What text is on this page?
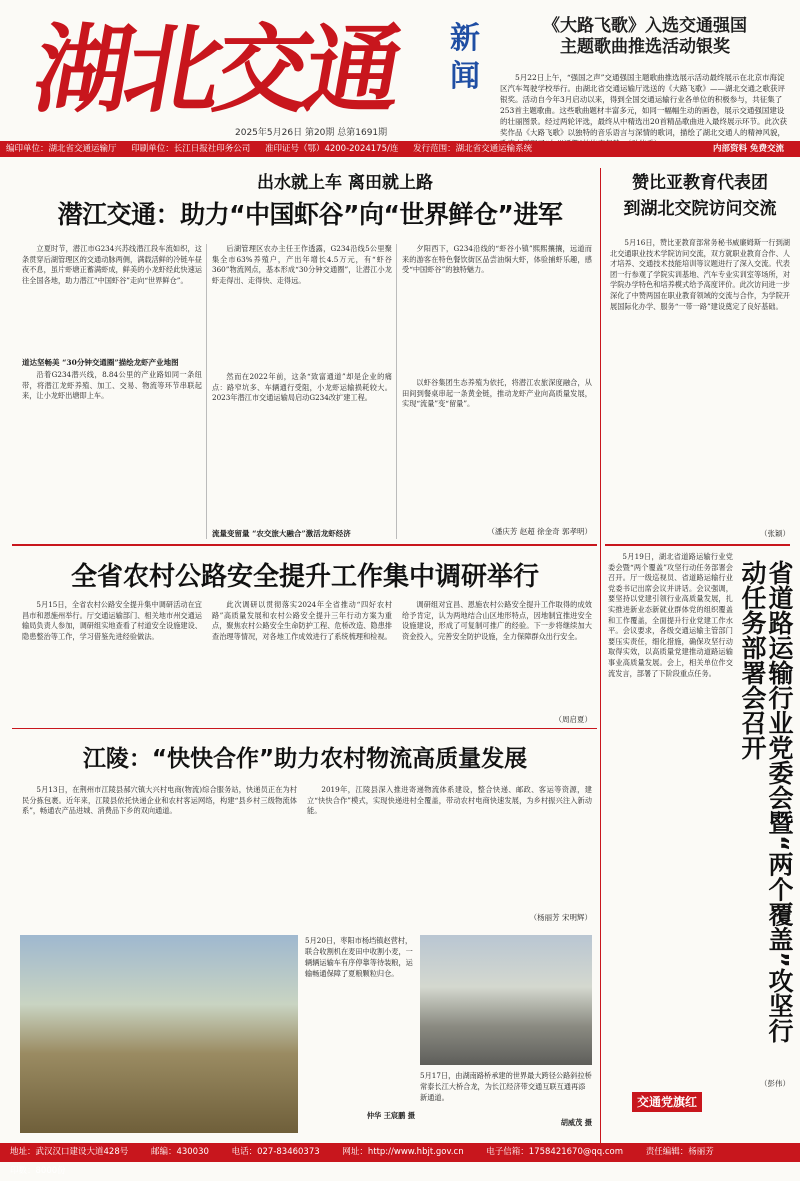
湖北交通	新闻
2025年5月26日 第20期 总第1691期
《大路飞歌》入选交通强国
主题歌曲推选活动银奖
5月22日上午，“强国之声”交通强国主题歌曲推选展示活动最终展示在北京市海淀区汽车驾驶学校举行。由湖北省交通运输厅选送的《大路飞歌》——湖北交通之歌获评银奖。活动自今年3月启动以来，得到全国交通运输行业各单位的积极参与，共征集了253首主题歌曲。这些歌曲题材丰富多元，如同一幅幅生动的画卷，展示交通强国建设的壮丽图景。经过两轮评选，最终从中精选出20首精品歌曲进入最终展示环节。此次获奖作品《大路飞歌》以独特的音乐语言与深情的歌词，描绘了湖北交通人的精神风貌，
编印单位：湖北省交通运输厅 印刷单位：长江日报社印务公司 准印证号（鄂）4200-2024175/连 发行范围：湖北省交通运输系统	内部资料 免费交流
出水就上车 离田就上路
潜江交通：助力“中国虾谷”向“世界鲜仓”进军
立夏时节，潜江市G234兴苏线潜江段车流如织，这条贯穿后湖管理区的交通动脉两侧，满载活鲜的冷链车昼夜不息，虽片虾塘正蓄满虾成，鲜美的小龙虾经此快速运往全国各地，助力潜江“中国虾谷”走向“世界鲜仓”。
道达坚畅美 “30分钟交通圈”描绘龙虾产业地图
沿着G234潜兴线，8.84公里的产业路如同一条纽带，将潜江龙虾养殖、加工、交易、物流等环节串联起来，让小龙虾出塘即上车。
后湖管理区农办主任王作透露，G234沿线5公里聚集全市63%养殖户，产出年增长4.5万元，有“虾谷360”物流网点，基本形成“30分钟交通圈”，让潜江小龙虾走得出、走得快、走得远。
然而在2022年前，这条“致富通道”却是企业的痛点：路窄坑多、车辆通行受阻，小龙虾运输损耗较大。2023年潜江市交通运输局启动G234改扩建工程。
流量变留量 “农交旅大融合”激活龙虾经济
夕阳西下，G234沿线的“虾谷小镇”熙熙攘攘，远道而来的游客在特色餐饮街区品尝油焖大虾，体验捕虾乐趣，感受“中国虾谷”的独特魅力。
以虾谷集团生态养殖为依托，将潜江农旅深度融合，从田间到餐桌串起一条黄金链，推动龙虾产业向高质量发展，实现“流量”变“留量”。
（潘庆芳 赵超 徐金奇 郭孝明）
赞比亚教育代表团
到湖北交院访问交流
5月16日，赞比亚教育部常务秘书威廉姆斯一行到湖北交通职业技术学院访问交流，双方就职业教育合作、人才培养、交通技术技能培训等议题进行了深入交流。代表团一行参观了学院实训基地、汽车专业实训室等场所，对学院办学特色和培养模式给予高度评价。此次访问进一步深化了中赞两国在职业教育领域的交流与合作，为学院开展国际化办学、服务“一带一路”建设奠定了良好基础。
（张颖）
全省农村公路安全提升工作集中调研举行
5月15日，全省农村公路安全提升集中调研活动在宜昌市和恩施州举行。厅交通运输部门、相关地市州交通运输局负责人参加，调研组实地查看了村道安全设施建设、隐患整治等工作，学习借鉴先进经验做法。
此次调研以贯彻落实2024年全省推动“四好农村路”高质量发展和农村公路安全提升三年行动方案为重点，聚焦农村公路安全生命防护工程、危桥改造、隐患排查治理等情况，对各地工作成效进行了系统梳理和检视。
调研组对宜昌、恩施农村公路安全提升工作取得的成效给予肯定，认为两地结合山区地形特点，因地制宜推进安全设施建设，形成了可复制可推广的经验。下一步将继续加大资金投入，完善安全防护设施，全力保障群众出行安全。
（周启夏）
江陵：“快快合作”助力农村物流高质量发展
5月13日，在荆州市江陵县郝穴镇大兴村电商(物流)综合服务站，快递员正在为村民分拣包裹。近年来，江陵县依托快递企业和农村客运网络，构建“县乡村三级物流体系”，畅通农产品进城、消费品下乡的双向通道。
2019年，江陵县深入推进寄递物流体系建设，整合快递、邮政、客运等资源，建立“快快合作”模式，实现快递进村全覆盖，带动农村电商快速发展，为乡村振兴注入新动能。
（杨丽芳 宋明辉）
5月20日，枣阳市杨垱镇赵营村，联合收割机在麦田中收割小麦，一辆辆运输车有序停靠等待装粮，运输畅通保障了夏粮颗粒归仓。
仲华 王宸鹏 摄
5月17日，由湖南路桥承建的世界最大跨径公路斜拉桥常泰长江大桥合龙，为长江经济带交通互联互通再添新通道。
胡威茂 摄
5月19日，湖北省道路运输行业党委会暨“两个覆盖”攻坚行动任务部署会召开。厅一级巡视员、省道路运输行业党委书记出席会议并讲话。会议强调，要坚持以党建引领行业高质量发展，扎实推进新业态新就业群体党的组织覆盖和工作覆盖，全面提升行业党建工作水平。会议要求，各级交通运输主管部门要压实责任，细化措施，确保攻坚行动取得实效，以高质量党建推动道路运输事业高质量发展。会上，相关单位作交流发言，部署了下阶段重点任务。	省道路运输行业党委会暨“两个覆盖”攻坚行动任务部署会召开
（彭伟）
交通党旗红
地址：武汉汉口建设大道428号	邮编：430030	电话：027-83460373	网址：http://www.hbjt.gov.cn	电子信箱：1758421670@qq.com	责任编辑：杨丽芳 印数：8000份
